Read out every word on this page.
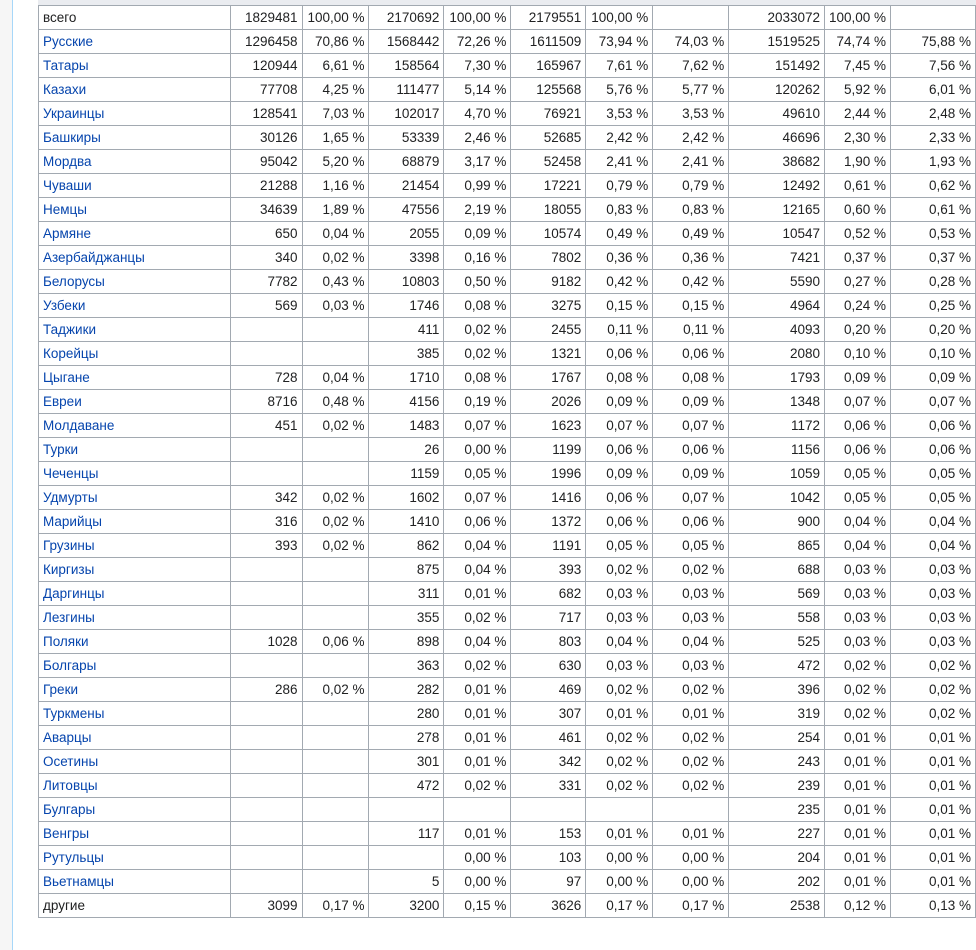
всего	1829481	100,00 %	2170692	100,00 %	2179551	100,00 %		2033072	100,00 %	
Русские	1296458	70,86 %	1568442	72,26 %	1611509	73,94 %	74,03 %	1519525	74,74 %	75,88 %
Татары	120944	6,61 %	158564	7,30 %	165967	7,61 %	7,62 %	151492	7,45 %	7,56 %
Казахи	77708	4,25 %	111477	5,14 %	125568	5,76 %	5,77 %	120262	5,92 %	6,01 %
Украинцы	128541	7,03 %	102017	4,70 %	76921	3,53 %	3,53 %	49610	2,44 %	2,48 %
Башкиры	30126	1,65 %	53339	2,46 %	52685	2,42 %	2,42 %	46696	2,30 %	2,33 %
Мордва	95042	5,20 %	68879	3,17 %	52458	2,41 %	2,41 %	38682	1,90 %	1,93 %
Чуваши	21288	1,16 %	21454	0,99 %	17221	0,79 %	0,79 %	12492	0,61 %	0,62 %
Немцы	34639	1,89 %	47556	2,19 %	18055	0,83 %	0,83 %	12165	0,60 %	0,61 %
Армяне	650	0,04 %	2055	0,09 %	10574	0,49 %	0,49 %	10547	0,52 %	0,53 %
Азербайджанцы	340	0,02 %	3398	0,16 %	7802	0,36 %	0,36 %	7421	0,37 %	0,37 %
Белорусы	7782	0,43 %	10803	0,50 %	9182	0,42 %	0,42 %	5590	0,27 %	0,28 %
Узбеки	569	0,03 %	1746	0,08 %	3275	0,15 %	0,15 %	4964	0,24 %	0,25 %
Таджики			411	0,02 %	2455	0,11 %	0,11 %	4093	0,20 %	0,20 %
Корейцы			385	0,02 %	1321	0,06 %	0,06 %	2080	0,10 %	0,10 %
Цыгане	728	0,04 %	1710	0,08 %	1767	0,08 %	0,08 %	1793	0,09 %	0,09 %
Евреи	8716	0,48 %	4156	0,19 %	2026	0,09 %	0,09 %	1348	0,07 %	0,07 %
Молдаване	451	0,02 %	1483	0,07 %	1623	0,07 %	0,07 %	1172	0,06 %	0,06 %
Турки			26	0,00 %	1199	0,06 %	0,06 %	1156	0,06 %	0,06 %
Чеченцы			1159	0,05 %	1996	0,09 %	0,09 %	1059	0,05 %	0,05 %
Удмурты	342	0,02 %	1602	0,07 %	1416	0,06 %	0,07 %	1042	0,05 %	0,05 %
Марийцы	316	0,02 %	1410	0,06 %	1372	0,06 %	0,06 %	900	0,04 %	0,04 %
Грузины	393	0,02 %	862	0,04 %	1191	0,05 %	0,05 %	865	0,04 %	0,04 %
Киргизы			875	0,04 %	393	0,02 %	0,02 %	688	0,03 %	0,03 %
Даргинцы			311	0,01 %	682	0,03 %	0,03 %	569	0,03 %	0,03 %
Лезгины			355	0,02 %	717	0,03 %	0,03 %	558	0,03 %	0,03 %
Поляки	1028	0,06 %	898	0,04 %	803	0,04 %	0,04 %	525	0,03 %	0,03 %
Болгары			363	0,02 %	630	0,03 %	0,03 %	472	0,02 %	0,02 %
Греки	286	0,02 %	282	0,01 %	469	0,02 %	0,02 %	396	0,02 %	0,02 %
Туркмены			280	0,01 %	307	0,01 %	0,01 %	319	0,02 %	0,02 %
Аварцы			278	0,01 %	461	0,02 %	0,02 %	254	0,01 %	0,01 %
Осетины			301	0,01 %	342	0,02 %	0,02 %	243	0,01 %	0,01 %
Литовцы			472	0,02 %	331	0,02 %	0,02 %	239	0,01 %	0,01 %
Булгары								235	0,01 %	0,01 %
Венгры			117	0,01 %	153	0,01 %	0,01 %	227	0,01 %	0,01 %
Рутульцы				0,00 %	103	0,00 %	0,00 %	204	0,01 %	0,01 %
Вьетнамцы			5	0,00 %	97	0,00 %	0,00 %	202	0,01 %	0,01 %
другие	3099	0,17 %	3200	0,15 %	3626	0,17 %	0,17 %	2538	0,12 %	0,13 %
